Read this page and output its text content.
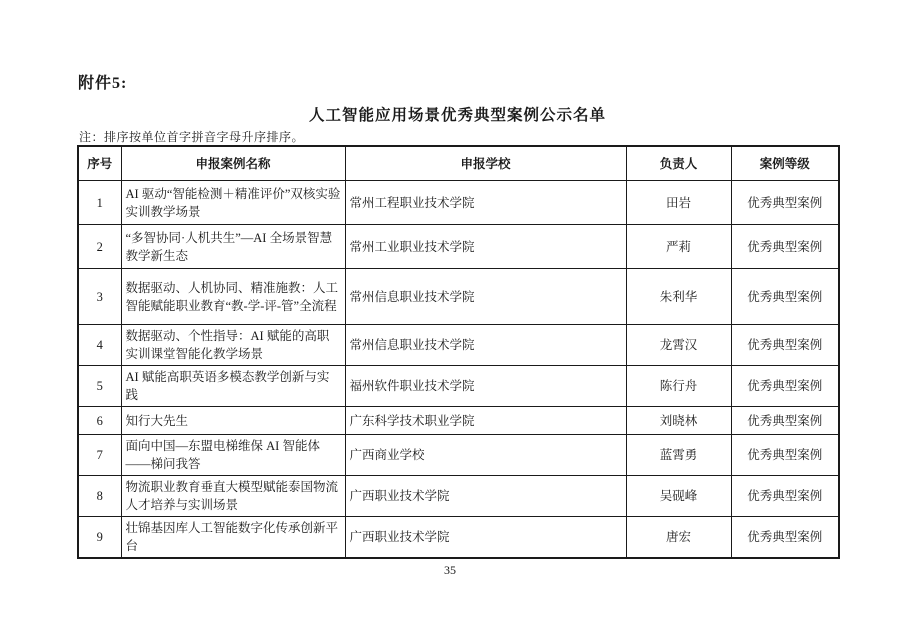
附件5:
人工智能应用场景优秀典型案例公示名单
注：排序按单位首字拼音字母升序排序。
序号	申报案例名称	申报学校	负责人	案例等级
1	AI 驱动“智能检测＋精准评价”双核实验实训教学场景	常州工程职业技术学院	田岩	优秀典型案例
2	“多智协同·人机共生”—AI 全场景智慧教学新生态	常州工业职业技术学院	严莉	优秀典型案例
3	数据驱动、人机协同、精准施教：人工智能赋能职业教育“教-学-评-管”全流程	常州信息职业技术学院	朱利华	优秀典型案例
4	数据驱动、个性指导：AI 赋能的高职实训课堂智能化教学场景	常州信息职业技术学院	龙霄汉	优秀典型案例
5	AI 赋能高职英语多模态教学创新与实践	福州软件职业技术学院	陈行舟	优秀典型案例
6	知行大先生	广东科学技术职业学院	刘晓林	优秀典型案例
7	面向中国—东盟电梯维保 AI 智能体——梯问我答	广西商业学校	蓝霄勇	优秀典型案例
8	物流职业教育垂直大模型赋能泰国物流人才培养与实训场景	广西职业技术学院	吴砚峰	优秀典型案例
9	壮锦基因库人工智能数字化传承创新平台	广西职业技术学院	唐宏	优秀典型案例
35
